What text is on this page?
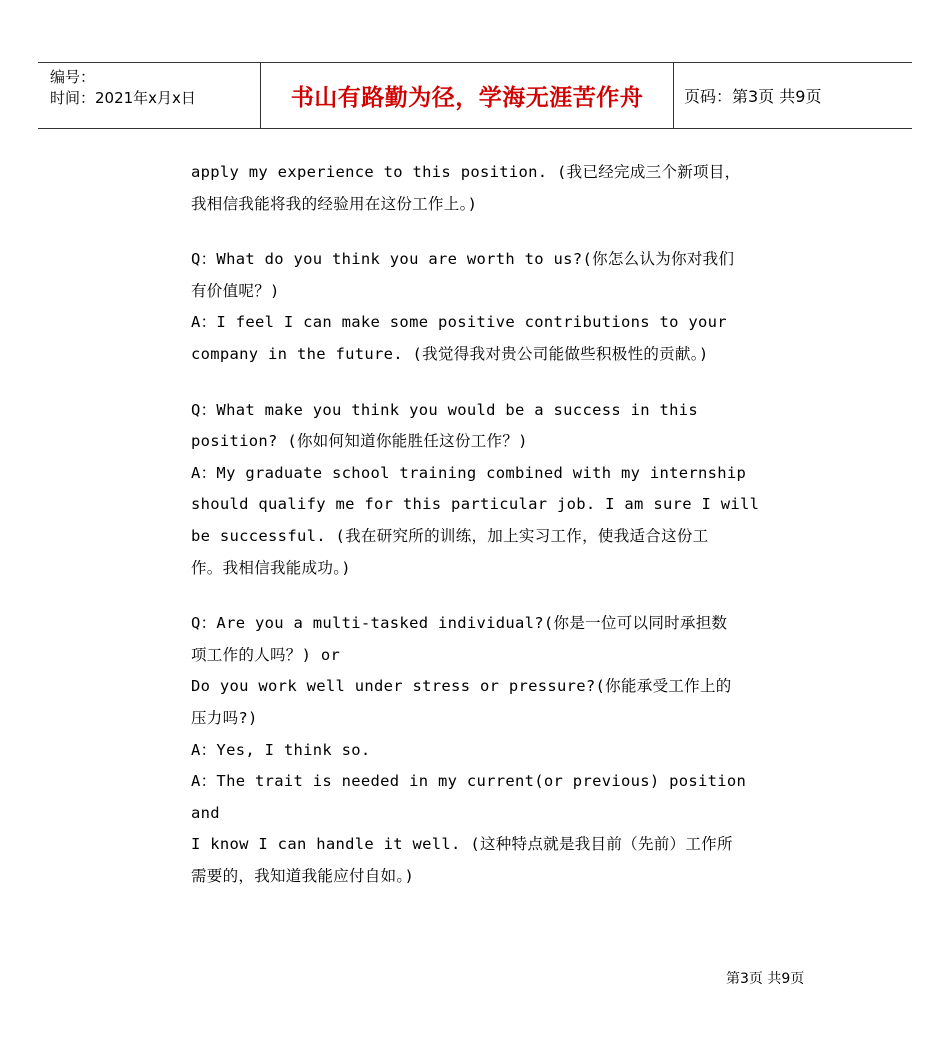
编号：
时间：2021年x月x日	书山有路勤为径，学海无涯苦作舟	页码：第3页 共9页

apply my experience to this position. (我已经完成三个新项目，

我相信我能将我的经验用在这份工作上。)

Q：What do you think you are worth to us?(你怎么认为你对我们

有价值呢？)

A：I feel I can make some positive contributions to your

company in the future. (我觉得我对贵公司能做些积极性的贡献。)

Q：What make you think you would be a success in this

position? (你如何知道你能胜任这份工作？)

A：My graduate school training combined with my internship

should qualify me for this particular job. I am sure I will

be successful. (我在研究所的训练，加上实习工作，使我适合这份工

作。我相信我能成功。)

Q：Are you a multi-tasked individual?(你是一位可以同时承担数

项工作的人吗？) or

Do you work well under stress or pressure?(你能承受工作上的

压力吗?)

A：Yes, I think so.

A：The trait is needed in my current(or previous) position and

I know I can handle it well. (这种特点就是我目前（先前）工作所

需要的，我知道我能应付自如。)

第3页 共9页
